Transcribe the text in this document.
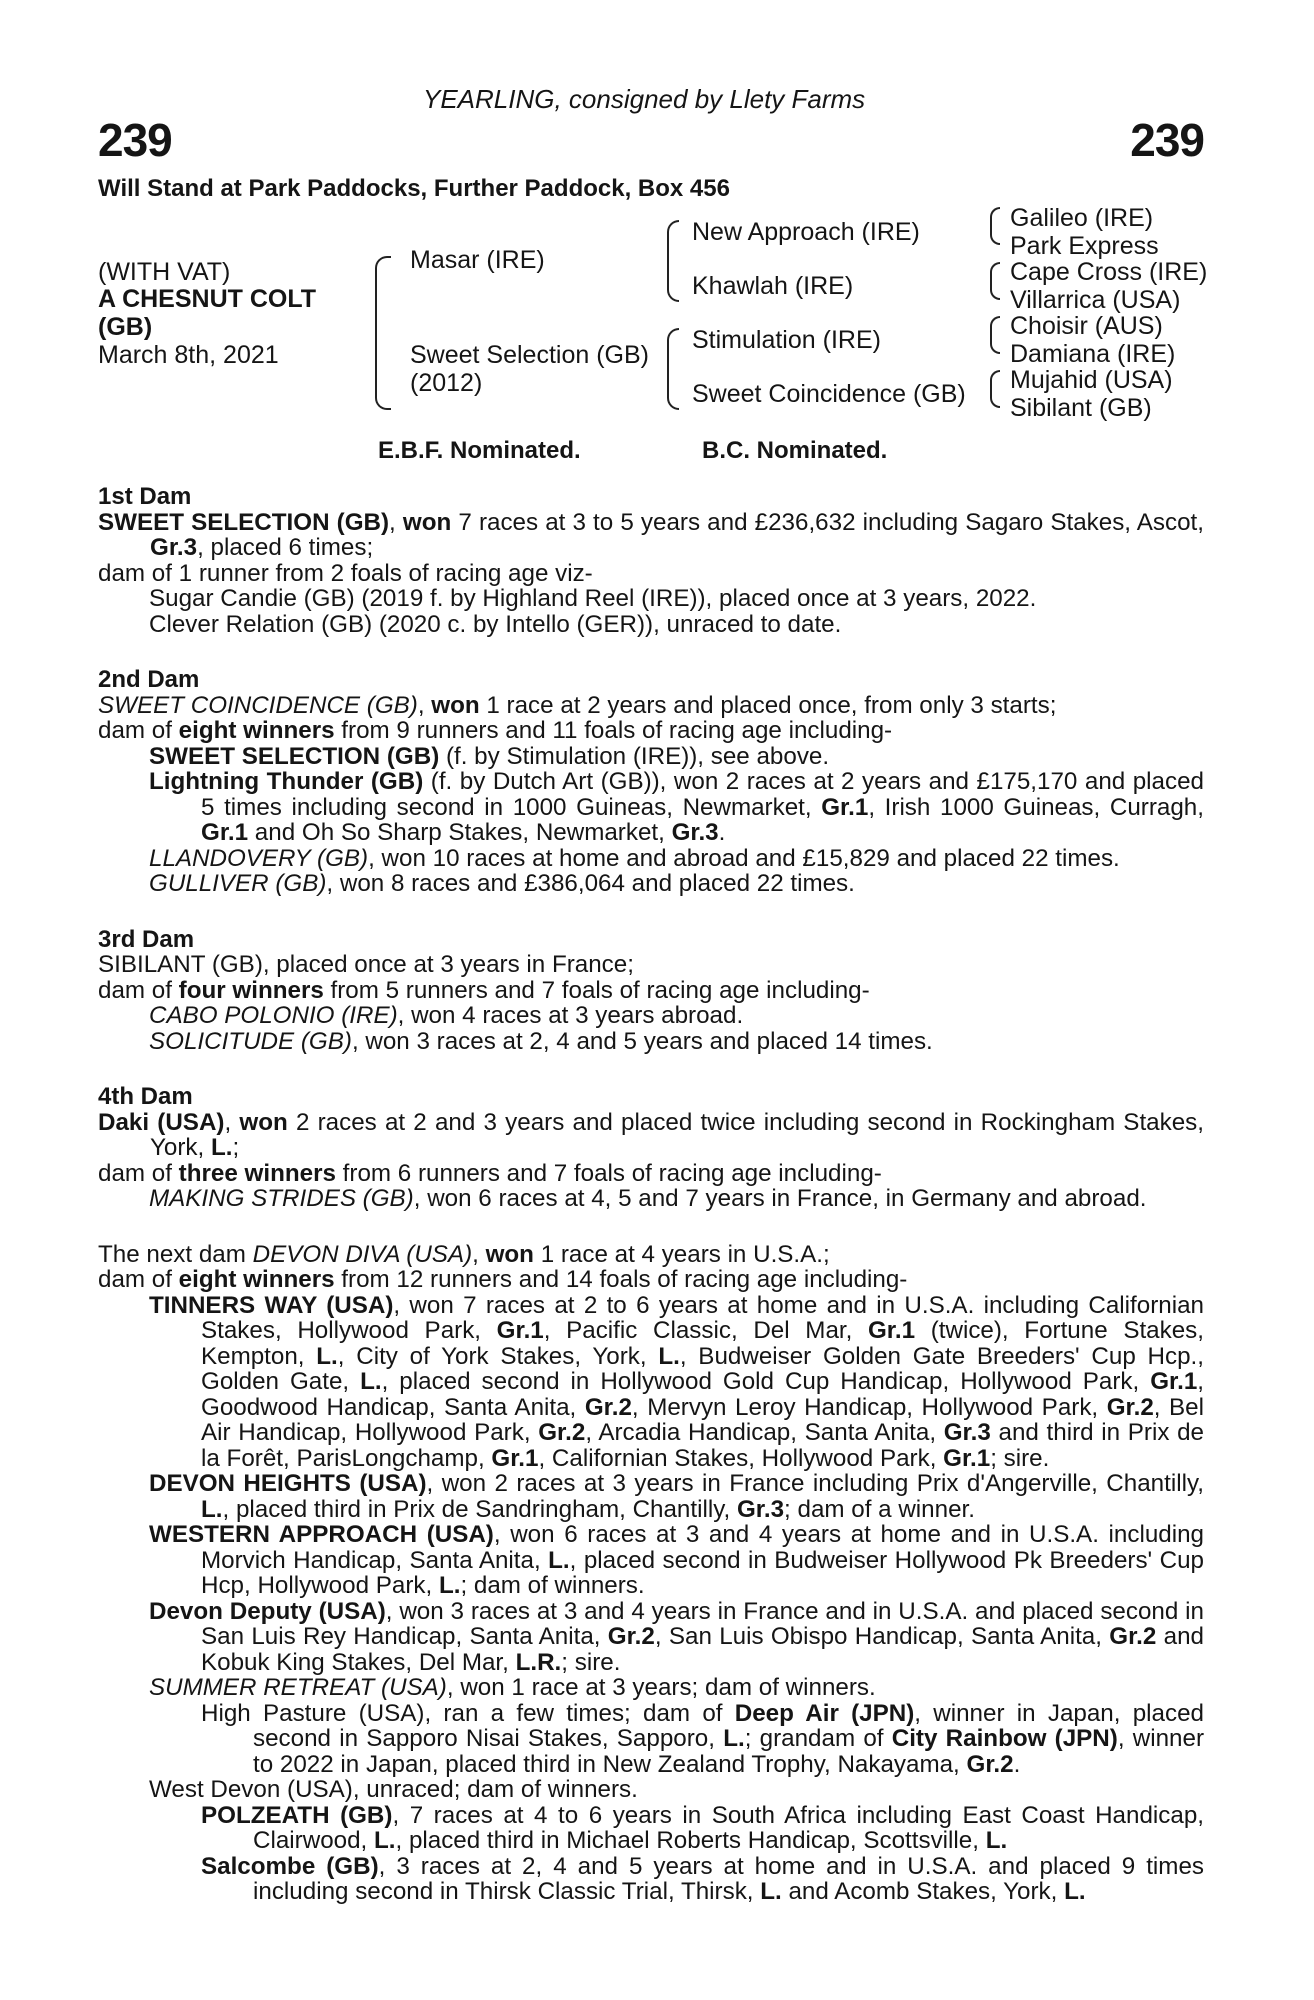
YEARLING, consigned by Llety Farms
239	239
Will Stand at Park Paddocks, Further Paddock, Box 456
(WITH VAT)
A CHESNUT COLT
(GB)
March 8th, 2021
Masar (IRE)
Sweet Selection (GB)
(2012)
New Approach (IRE)
Khawlah (IRE)
Stimulation (IRE)
Sweet Coincidence (GB)
Galileo (IRE)
Park Express
Cape Cross (IRE)
Villarrica (USA)
Choisir (AUS)
Damiana (IRE)
Mujahid (USA)
Sibilant (GB)
E.B.F. Nominated.	B.C. Nominated.
1st Dam
SWEET SELECTION (GB), won 7 races at 3 to 5 years and £236,632 including Sagaro Stakes, Ascot, Gr.3, placed 6 times;
dam of 1 runner from 2 foals of racing age viz-
Sugar Candie (GB) (2019 f. by Highland Reel (IRE)), placed once at 3 years, 2022.
Clever Relation (GB) (2020 c. by Intello (GER)), unraced to date.
2nd Dam
SWEET COINCIDENCE (GB), won 1 race at 2 years and placed once, from only 3 starts;
dam of eight winners from 9 runners and 11 foals of racing age including-
SWEET SELECTION (GB) (f. by Stimulation (IRE)), see above.
Lightning Thunder (GB) (f. by Dutch Art (GB)), won 2 races at 2 years and £175,170 and placed 5 times including second in 1000 Guineas, Newmarket, Gr.1, Irish 1000 Guineas, Curragh, Gr.1 and Oh So Sharp Stakes, Newmarket, Gr.3.
LLANDOVERY (GB), won 10 races at home and abroad and £15,829 and placed 22 times.
GULLIVER (GB), won 8 races and £386,064 and placed 22 times.
3rd Dam
SIBILANT (GB), placed once at 3 years in France;
dam of four winners from 5 runners and 7 foals of racing age including-
CABO POLONIO (IRE), won 4 races at 3 years abroad.
SOLICITUDE (GB), won 3 races at 2, 4 and 5 years and placed 14 times.
4th Dam
Daki (USA), won 2 races at 2 and 3 years and placed twice including second in Rockingham Stakes, York, L.;
dam of three winners from 6 runners and 7 foals of racing age including-
MAKING STRIDES (GB), won 6 races at 4, 5 and 7 years in France, in Germany and abroad.
The next dam DEVON DIVA (USA), won 1 race at 4 years in U.S.A.;
dam of eight winners from 12 runners and 14 foals of racing age including-
TINNERS WAY (USA), won 7 races at 2 to 6 years at home and in U.S.A. including Californian Stakes, Hollywood Park, Gr.1, Pacific Classic, Del Mar, Gr.1 (twice), Fortune Stakes, Kempton, L., City of York Stakes, York, L., Budweiser Golden Gate Breeders' Cup Hcp., Golden Gate, L., placed second in Hollywood Gold Cup Handicap, Hollywood Park, Gr.1, Goodwood Handicap, Santa Anita, Gr.2, Mervyn Leroy Handicap, Hollywood Park, Gr.2, Bel Air Handicap, Hollywood Park, Gr.2, Arcadia Handicap, Santa Anita, Gr.3 and third in Prix de la Forêt, ParisLongchamp, Gr.1, Californian Stakes, Hollywood Park, Gr.1; sire.
DEVON HEIGHTS (USA), won 2 races at 3 years in France including Prix d'Angerville, Chantilly, L., placed third in Prix de Sandringham, Chantilly, Gr.3; dam of a winner.
WESTERN APPROACH (USA), won 6 races at 3 and 4 years at home and in U.S.A. including Morvich Handicap, Santa Anita, L., placed second in Budweiser Hollywood Pk Breeders' Cup Hcp, Hollywood Park, L.; dam of winners.
Devon Deputy (USA), won 3 races at 3 and 4 years in France and in U.S.A. and placed second in San Luis Rey Handicap, Santa Anita, Gr.2, San Luis Obispo Handicap, Santa Anita, Gr.2 and Kobuk King Stakes, Del Mar, L.R.; sire.
SUMMER RETREAT (USA), won 1 race at 3 years; dam of winners.
High Pasture (USA), ran a few times; dam of Deep Air (JPN), winner in Japan, placed second in Sapporo Nisai Stakes, Sapporo, L.; grandam of City Rainbow (JPN), winner to 2022 in Japan, placed third in New Zealand Trophy, Nakayama, Gr.2.
West Devon (USA), unraced; dam of winners.
POLZEATH (GB), 7 races at 4 to 6 years in South Africa including East Coast Handicap, Clairwood, L., placed third in Michael Roberts Handicap, Scottsville, L.
Salcombe (GB), 3 races at 2, 4 and 5 years at home and in U.S.A. and placed 9 times including second in Thirsk Classic Trial, Thirsk, L. and Acomb Stakes, York, L.
